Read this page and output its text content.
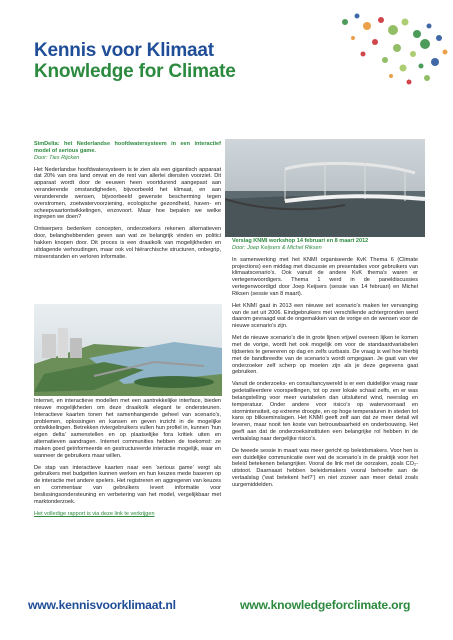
Kennis voor Klimaat
Knowledge for Climate
SimDelta: het Nederlandse hoofdwatersysteem in een interactief model of serious game.
Door: Ties Rijcken

Het Nederlandse hoofdwatersysteem is te zien als een gigantisch apparaat dat 20% van ons land omvat en de rest van allerlei diensten voorziet. Dit apparaat wordt door de eeuwen heen voortdurend aangepast aan veranderende omstandigheden, bijvoorbeeld het klimaat, en aan veranderende wensen, bijvoorbeeld gewenste bescherming tegen overstromen, zoetwatervoorziening, ecologische gezondheid, haven- en scheepvaartontwikkelingen, enzovoort. Maar hoe bepalen we welke ingrepen we doen?

Ontwerpers bedenken concepten, onderzoekers rekenen alternatieven door, belanghebbenden geven aan wat ze belangrijk vinden en politici hakken knopen door. Dit proces is een draaikolk van mogelijkheden en uitdagende verhoudingen, maar ook vol hiërarchische structuren, onbegrip, misverstanden en verloren informatie.

Internet, en interactieve modellen met een aantrekkelijke interface, bieden nieuwe mogelijkheden om deze draaikolk elegant te ondersteunen. Interactieve kaarten tonen het samenhangende geheel van scenario's, problemen, oplossingen en kansen en geven inzicht in de mogelijke ontwikkelingen. Betrekken riviergebruikers vullen hun profiel in, kunnen ‘hun eigen delta’ samenstellen en op plaatselijke fora kritiek uiten en alternatieven aandragen. Internet communities hebben de toekomst: ze maken goed geïnformeerde en gestructureerde interactie mogelijk, waar en wanneer de gebruikers maar willen.

De stap van interactieve kaarten naar een ‘serious game’ vergt als gebruikers met budgetten kunnen werken en hun keuzes mede baseren op de interactie met andere spelers. Het registreren en aggregeren van keuzes en commentaar van gebruikers levert informatie voor beslissingsondersteuning en verbetering van het model, vergelijkbaar met marktonderzoek.

Het volledige rapport is via deze link te verkrijgen
Verslag KNMI workshop 14 februari en 8 maart 2012
Door: Joep Keijsers & Michel Riksen

In samenwerking met het KNMI organiseerde KvK Thema 6 (Climate projections) een middag met discussie en presentaties voor gebruikers van klimaatscenario’s. Ook vanuit de andere KvK thema’s waren er vertegenwoordigers. Thema 1 werd in de paneldiscussies vertegenwoordigd door Joep Keijsers (sessie van 14 februari) en Michel Riksen (sessie van 8 maart).

Het KNMI gaat in 2013 een nieuwe set scenario’s maken ter vervanging van de set uit 2006. Eindgebruikers met verschillende achtergronden werd daarom gevraagd wat de ongemakken van de vorige en de wensen voor de nieuwe scenario’s zijn.

Met de nieuwe scenario’s die in grote lijnen vrijwel overeen lijken te komen met de vorige, wordt het ook mogelijk om voor de standaardvariabelen tijdseries te genereren op dag en zelfs uurbasis. De vraag is wel hoe hierbij met de bandbreedte van de scenario’s wordt omgegaan. Je gaat van vier onderzoeker zelf scherp op moeten zijn als je deze gegevens gaat gebruiken.

Vanuit de onderzoeks- en consultancywereld is er een duidelijke vraag naar gedetailleerdere voorspellingen, tot op zeer lokale schaal zelfs, en er was belangstelling voor meer variabelen dan uitsluitend wind, neerslag en temperatuur. Onder andere voor risico’s op watervoorraad en stormintensiteit, op extreme droogte, en op hoge temperaturen in steden tot kans op blikseminslagen. Het KNMI geeft zelf aan dat ze meer detail wil leveren, maar nooit ten koste van betrouwbaarheid en onderbouwing. Het geeft aan dat de onderzoeksinstituten een belangrijke rol hebben in de vertaalslag naar dergelijke risico’s.

De tweede sessie in maart was meer gericht op beleidsmakers. Voor hen is een duidelijke communicatie over wat de scenario’s in de praktijk voor het beleid betekenen belangrijker. Vooral de link met de oorzaken, zoals CO₂- uitstoot. Daarnaast hebben beleidsmakers vooral behoefte aan de vertaalslag (‘wat betekent het?’) en niet zozeer aan meer detail zoals uurgemiddelden.

www.kennisvoorklimaat.nl	www.knowledgeforclimate.org
